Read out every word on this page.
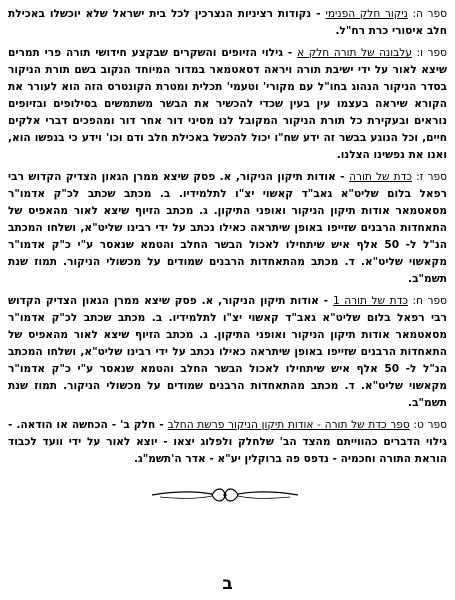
ספר ה: ניקור חלק הפנימי - נקודות רציניות הנצרכין לכל בית ישראל שלא יוכשלו באכילת חלב איסורי כרת רח"ל.

ספר ו: עלבונה של תורה חלק א - גילוי הזיופים והשקרים שבקצע חידושי תורה פרי תמרים שיצא לאור על ידי ישיבת תורה ויראה דסאטמאר במדור המיוחד הנקוב בשם תורת הניקור בסדר הניקור הנהוג בחו"ל עם מקורי' וטעמי' תכלית ומטרת הקונטרס הזה הוא לעורר את הקורא שיראה בעצמו עין בעין שכדי להכשיר את הבשר משתמשים בסילופים ובזיופים נוראים ובעקירת כל תורת הניקור המקובל לנו מסיני דור אחר דור ומהפכים דברי אלקים חיים, וכל הנוגע בבשר זה ידע שח"ו יכול להכשל באכילת חלב ודם וכו' וידע כי בנפשו הוא, ואנו את נפשינו הצלנו.

ספר ז: כדת של תורה - אודות תיקון הניקור, א. פסק שיצא ממרן הגאון הצדיק הקדוש רבי רפאל בלום שליט"א גאב"ד קאשוי יצ"ו לתלמידיו. ב. מכתב שכתב לכ"ק אדמו"ר מסאטמאר אודות תיקון הניקור ואופני התיקון. ג. מכתב הזיוף שיצא לאור מהאפיס של התאחדות הרבנים שזייפו באופן שיתראה כאילו נכתב על ידי רבינו שליט"א, ושלחו המכתב הנ"ל ל- 50 אלף איש שיתחילו לאכול הבשר החלב והטמא שנאסר ע"י כ"ק אדמו"ר מקאשוי שליט"א. ד. מכתב מהתאחדות הרבנים שמודים על מכשולי הניקור. תמוז שנת תשמ"ב.

ספר ח: כדת של תורה 1 - אודות תיקון הניקור, א. פסק שיצא ממרן הגאון הצדיק הקדוש רבי רפאל בלום שליט"א גאב"ד קאשוי יצ"ו לתלמידיו. ב. מכתב שכתב לכ"ק אדמו"ר מסאטמאר אודות תיקון הניקור ואופני התיקון. ג. מכתב הזיוף שיצא לאור מהאפיס של התאחדות הרבנים שזייפו באופן שיתראה כאילו נכתב על ידי רבינו שליט"א, ושלחו המכתב הנ"ל ל- 50 אלף איש שיתחילו לאכול הבשר החלב והטמא שנאסר ע"י כ"ק אדמו"ר מקאשוי שליט"א. ד. מכתב מהתאחדות הרבנים שמודים על מכשולי הניקור. תמוז שנת תשמ"ב.

ספר ט: ספר כדת של תורה - אודות תיקון הניקור פרשת החלב - חלק ב' - הכחשה או הודאה. - גילוי הדברים כהווייתם מהצד הב' שלחלק ולפלוג יצאו - יוצא לאור על ידי וועד לכבוד הוראת התורה וחכמיה - נדפס פה ברוקלין יע"א - אדר ה'תשמ"ג.

ב
